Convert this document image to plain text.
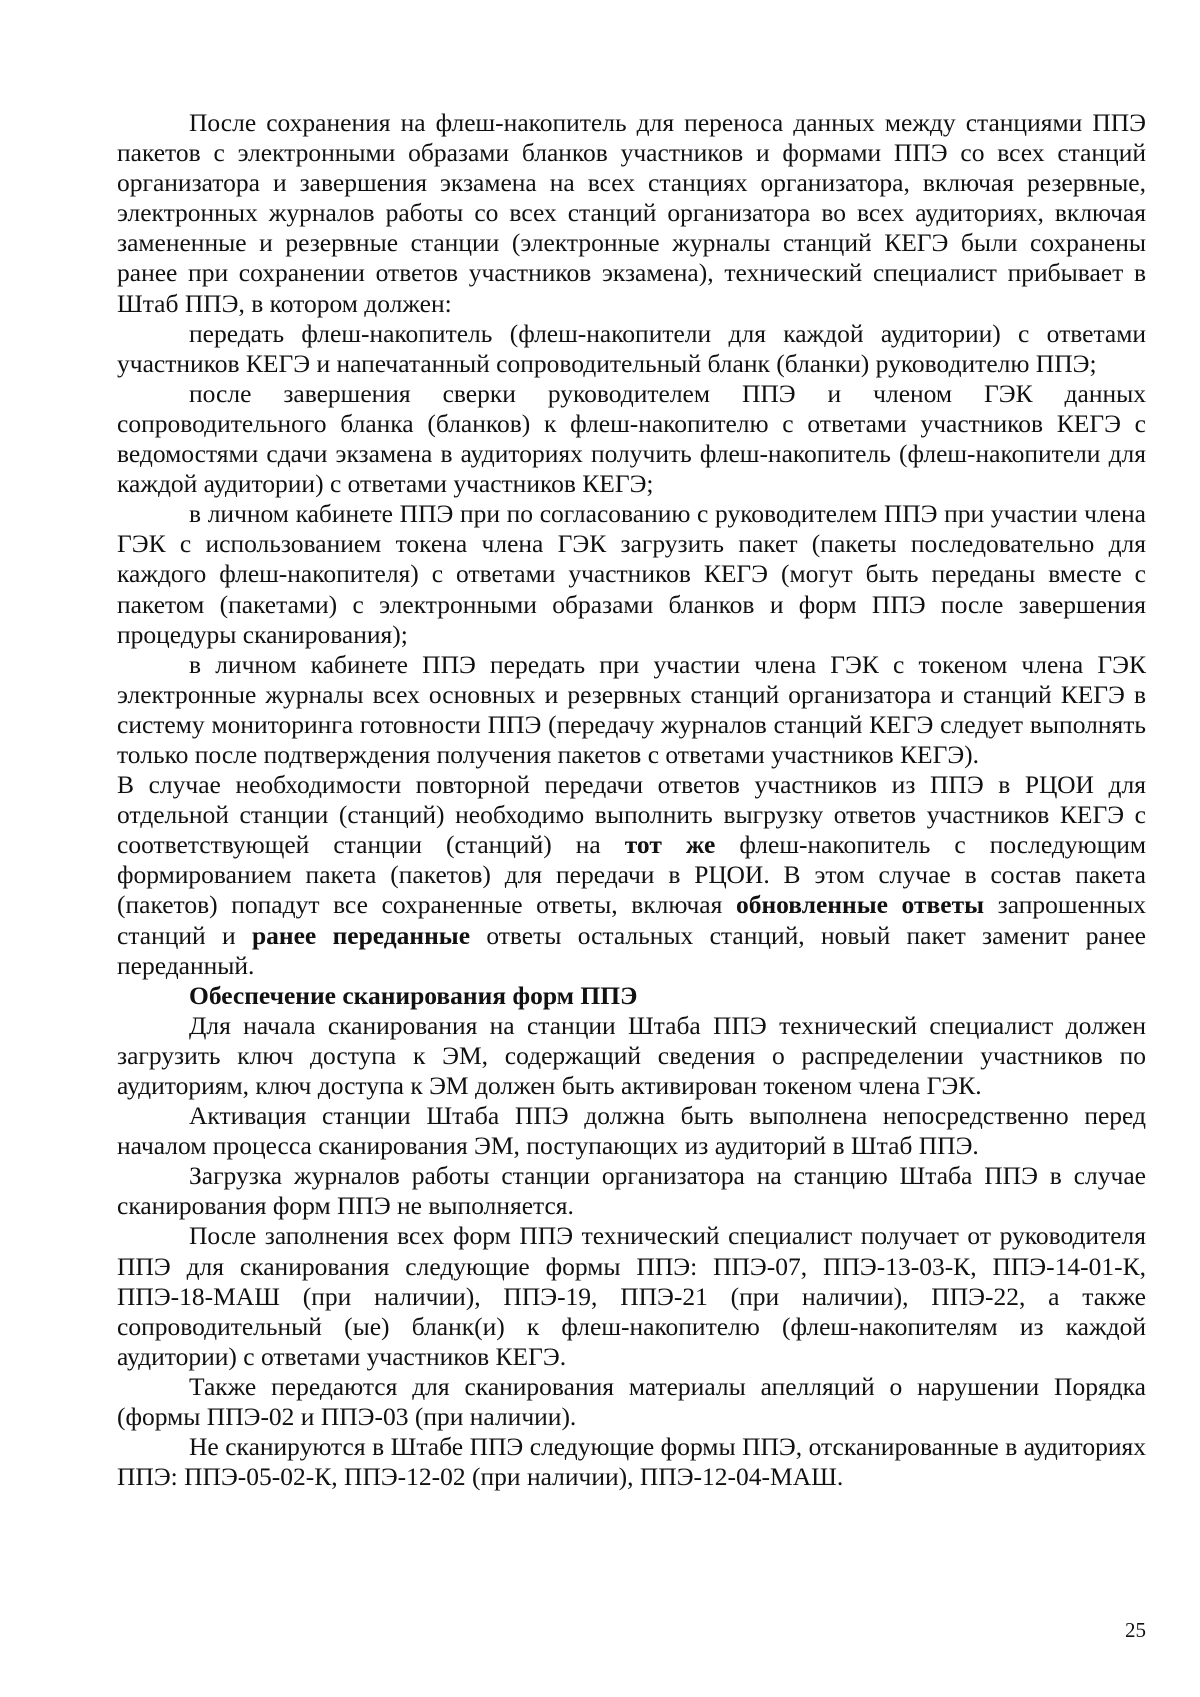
После сохранения на флеш-накопитель для переноса данных между станциями ППЭ пакетов с электронными образами бланков участников и формами ППЭ со всех станций организатора и завершения экзамена на всех станциях организатора, включая резервные, электронных журналов работы со всех станций организатора во всех аудиториях, включая замененные и резервные станции (электронные журналы станций КЕГЭ были сохранены ранее при сохранении ответов участников экзамена), технический специалист прибывает в Штаб ППЭ, в котором должен:

передать флеш-накопитель (флеш-накопители для каждой аудитории) с ответами участников КЕГЭ и напечатанный сопроводительный бланк (бланки) руководителю ППЭ;

после завершения сверки руководителем ППЭ и членом ГЭК данных сопроводительного бланка (бланков) к флеш-накопителю с ответами участников КЕГЭ с ведомостями сдачи экзамена в аудиториях получить флеш-накопитель (флеш-накопители для каждой аудитории) с ответами участников КЕГЭ;

в личном кабинете ППЭ при по согласованию с руководителем ППЭ при участии члена ГЭК с использованием токена члена ГЭК загрузить пакет (пакеты последовательно для каждого флеш-накопителя) с ответами участников КЕГЭ (могут быть переданы вместе с пакетом (пакетами) с электронными образами бланков и форм ППЭ после завершения процедуры сканирования);

в личном кабинете ППЭ передать при участии члена ГЭК с токеном члена ГЭК электронные журналы всех основных и резервных станций организатора и станций КЕГЭ в систему мониторинга готовности ППЭ (передачу журналов станций КЕГЭ следует выполнять только после подтверждения получения пакетов с ответами участников КЕГЭ).

В случае необходимости повторной передачи ответов участников из ППЭ в РЦОИ для отдельной станции (станций) необходимо выполнить выгрузку ответов участников КЕГЭ с соответствующей станции (станций) на тот же флеш-накопитель с последующим формированием пакета (пакетов) для передачи в РЦОИ. В этом случае в состав пакета (пакетов) попадут все сохраненные ответы, включая обновленные ответы запрошенных станций и ранее переданные ответы остальных станций, новый пакет заменит ранее переданный.

Обеспечение сканирования форм ППЭ

Для начала сканирования на станции Штаба ППЭ технический специалист должен загрузить ключ доступа к ЭМ, содержащий сведения о распределении участников по аудиториям, ключ доступа к ЭМ должен быть активирован токеном члена ГЭК.

Активация станции Штаба ППЭ должна быть выполнена непосредственно перед началом процесса сканирования ЭМ, поступающих из аудиторий в Штаб ППЭ.

Загрузка журналов работы станции организатора на станцию Штаба ППЭ в случае сканирования форм ППЭ не выполняется.

После заполнения всех форм ППЭ технический специалист получает от руководителя ППЭ для сканирования следующие формы ППЭ: ППЭ-07, ППЭ-13-03-К, ППЭ-14-01-К, ППЭ-18-МАШ (при наличии), ППЭ-19, ППЭ-21 (при наличии), ППЭ-22, а также сопроводительный (ые) бланк(и) к флеш-накопителю (флеш-накопителям из каждой аудитории) с ответами участников КЕГЭ.

Также передаются для сканирования материалы апелляций о нарушении Порядка (формы ППЭ-02 и ППЭ-03 (при наличии).

Не сканируются в Штабе ППЭ следующие формы ППЭ, отсканированные в аудиториях ППЭ: ППЭ-05-02-К, ППЭ-12-02 (при наличии), ППЭ-12-04-МАШ.

25
